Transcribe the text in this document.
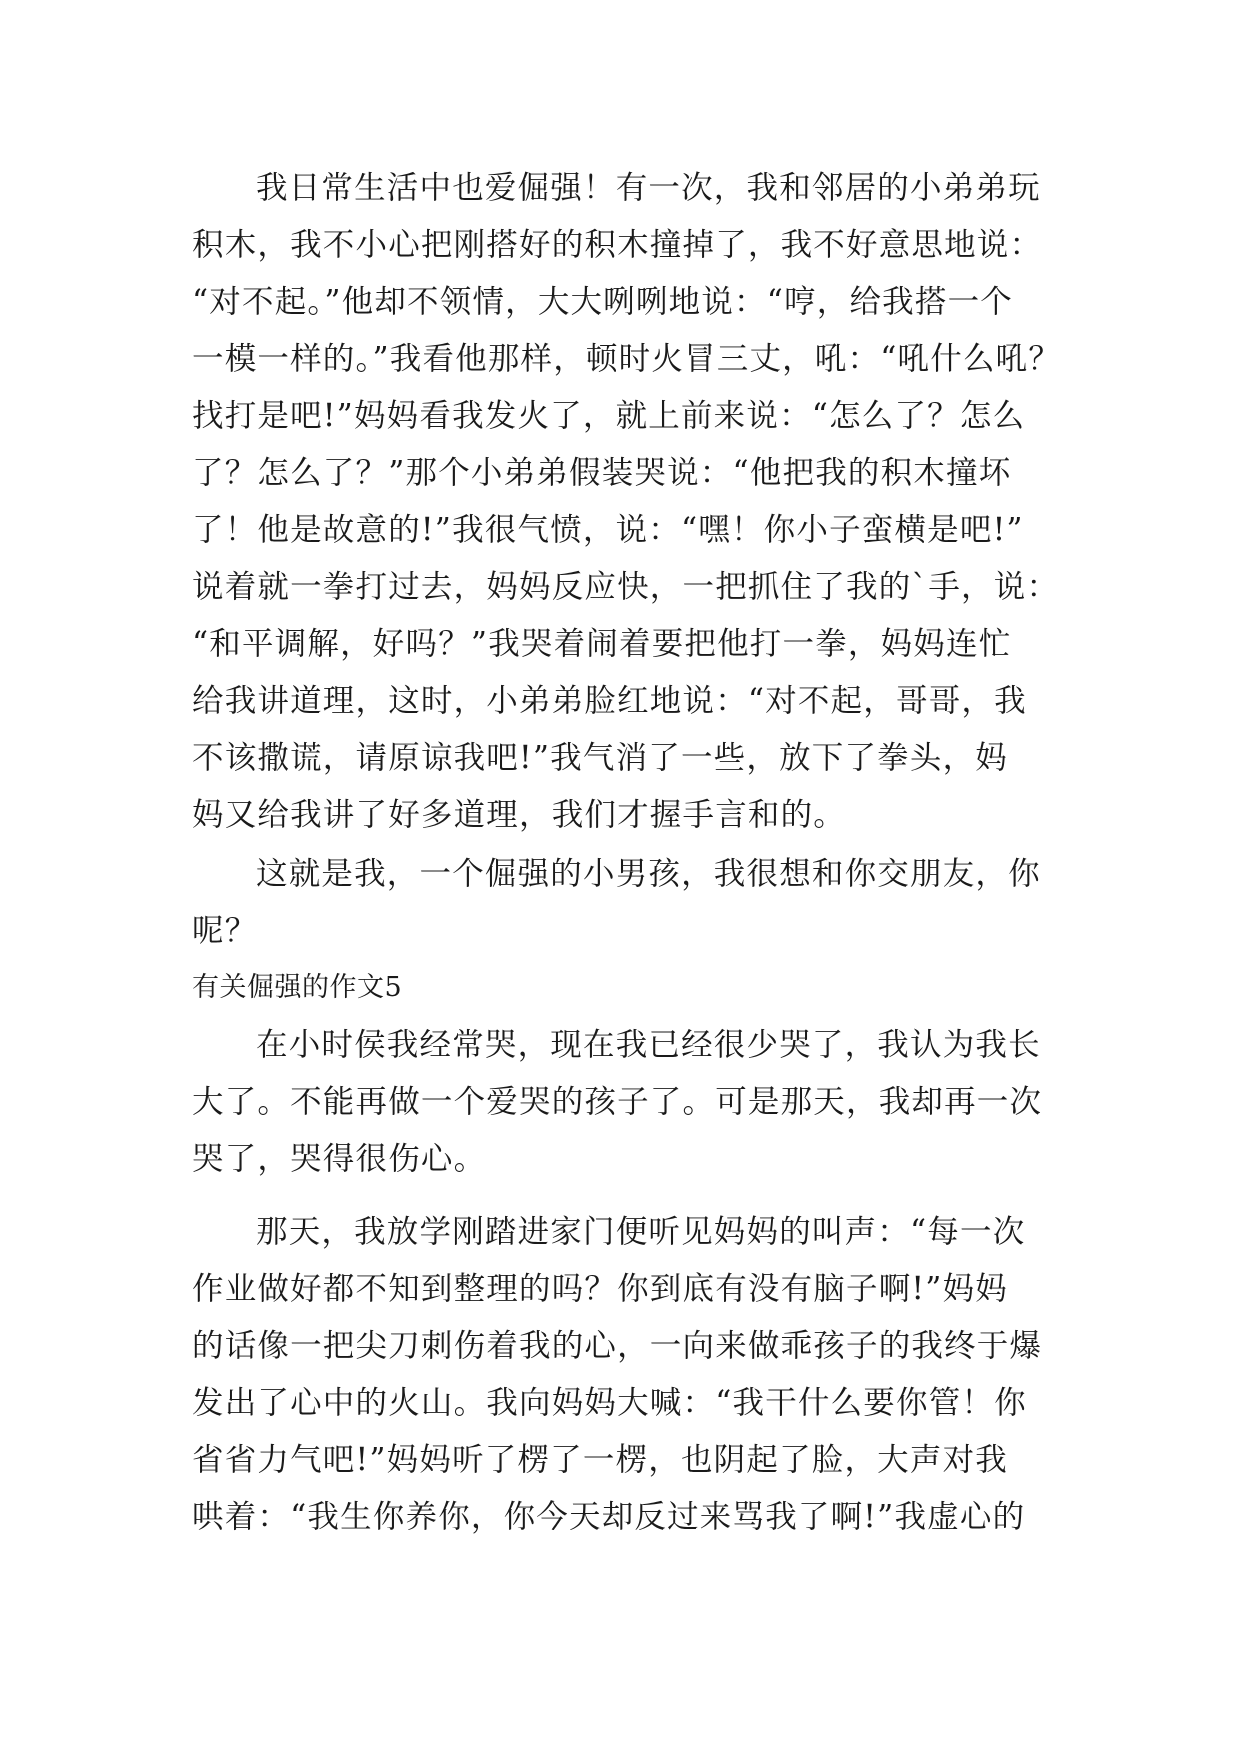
我日常生活中也爱倔强！有一次，我和邻居的小弟弟玩
积木，我不小心把刚搭好的积木撞掉了，我不好意思地说：
“对不起。”他却不领情，大大咧咧地说：“哼，给我搭一个
一模一样的。”我看他那样，顿时火冒三丈，吼：“吼什么吼？
找打是吧!”妈妈看我发火了，就上前来说：“怎么了？怎么
了？怎么了？”那个小弟弟假装哭说：“他把我的积木撞坏
了！他是故意的!”我很气愤，说：“嘿！你小子蛮横是吧!”
说着就一拳打过去，妈妈反应快，一把抓住了我的`手，说：
“和平调解，好吗？”我哭着闹着要把他打一拳，妈妈连忙
给我讲道理，这时，小弟弟脸红地说：“对不起，哥哥，我
不该撒谎，请原谅我吧!”我气消了一些，放下了拳头，妈
妈又给我讲了好多道理，我们才握手言和的。
这就是我，一个倔强的小男孩，我很想和你交朋友，你
呢？
有关倔强的作文5
在小时侯我经常哭，现在我已经很少哭了，我认为我长
大了。不能再做一个爱哭的孩子了。可是那天，我却再一次
哭了，哭得很伤心。
那天，我放学刚踏进家门便听见妈妈的叫声：“每一次
作业做好都不知到整理的吗？你到底有没有脑子啊!”妈妈
的话像一把尖刀刺伤着我的心，一向来做乖孩子的我终于爆
发出了心中的火山。我向妈妈大喊：“我干什么要你管！你
省省力气吧!”妈妈听了楞了一楞，也阴起了脸，大声对我
哄着：“我生你养你，你今天却反过来骂我了啊!”我虚心的
